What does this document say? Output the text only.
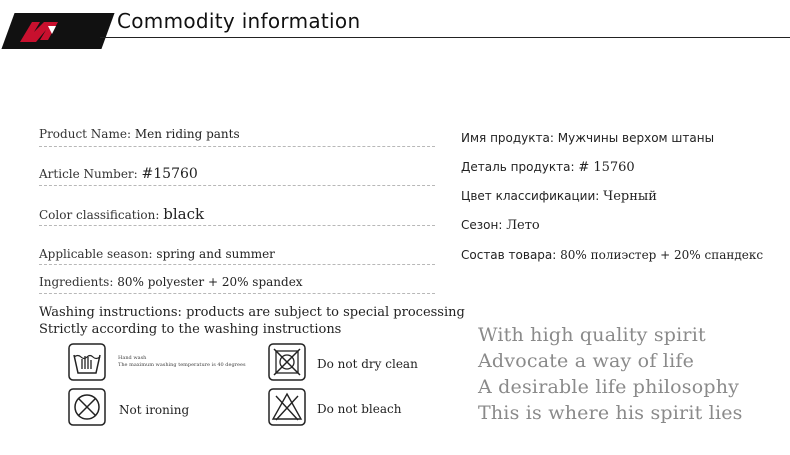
Commodity information
Product Name: Men riding pants
Article Number: #15760
Color classification: black
Applicable season: spring and summer
Ingredients: 80% polyester + 20% spandex
Имя продукта: Мужчины верхом штаны
Деталь продукта: # 15760
Цвет классификации: Черный
Сезон: Лето
Состав товара: 80% полиэстер + 20% спандекс
Washing instructions: products are subject to special processing
Strictly according to the washing instructions
Hand wash
The maximum washing temperature is 40 degrees	Do not dry clean
Not ironing	Do not bleach
With high quality spirit
Advocate a way of life
A desirable life philosophy
This is where his spirit lies
